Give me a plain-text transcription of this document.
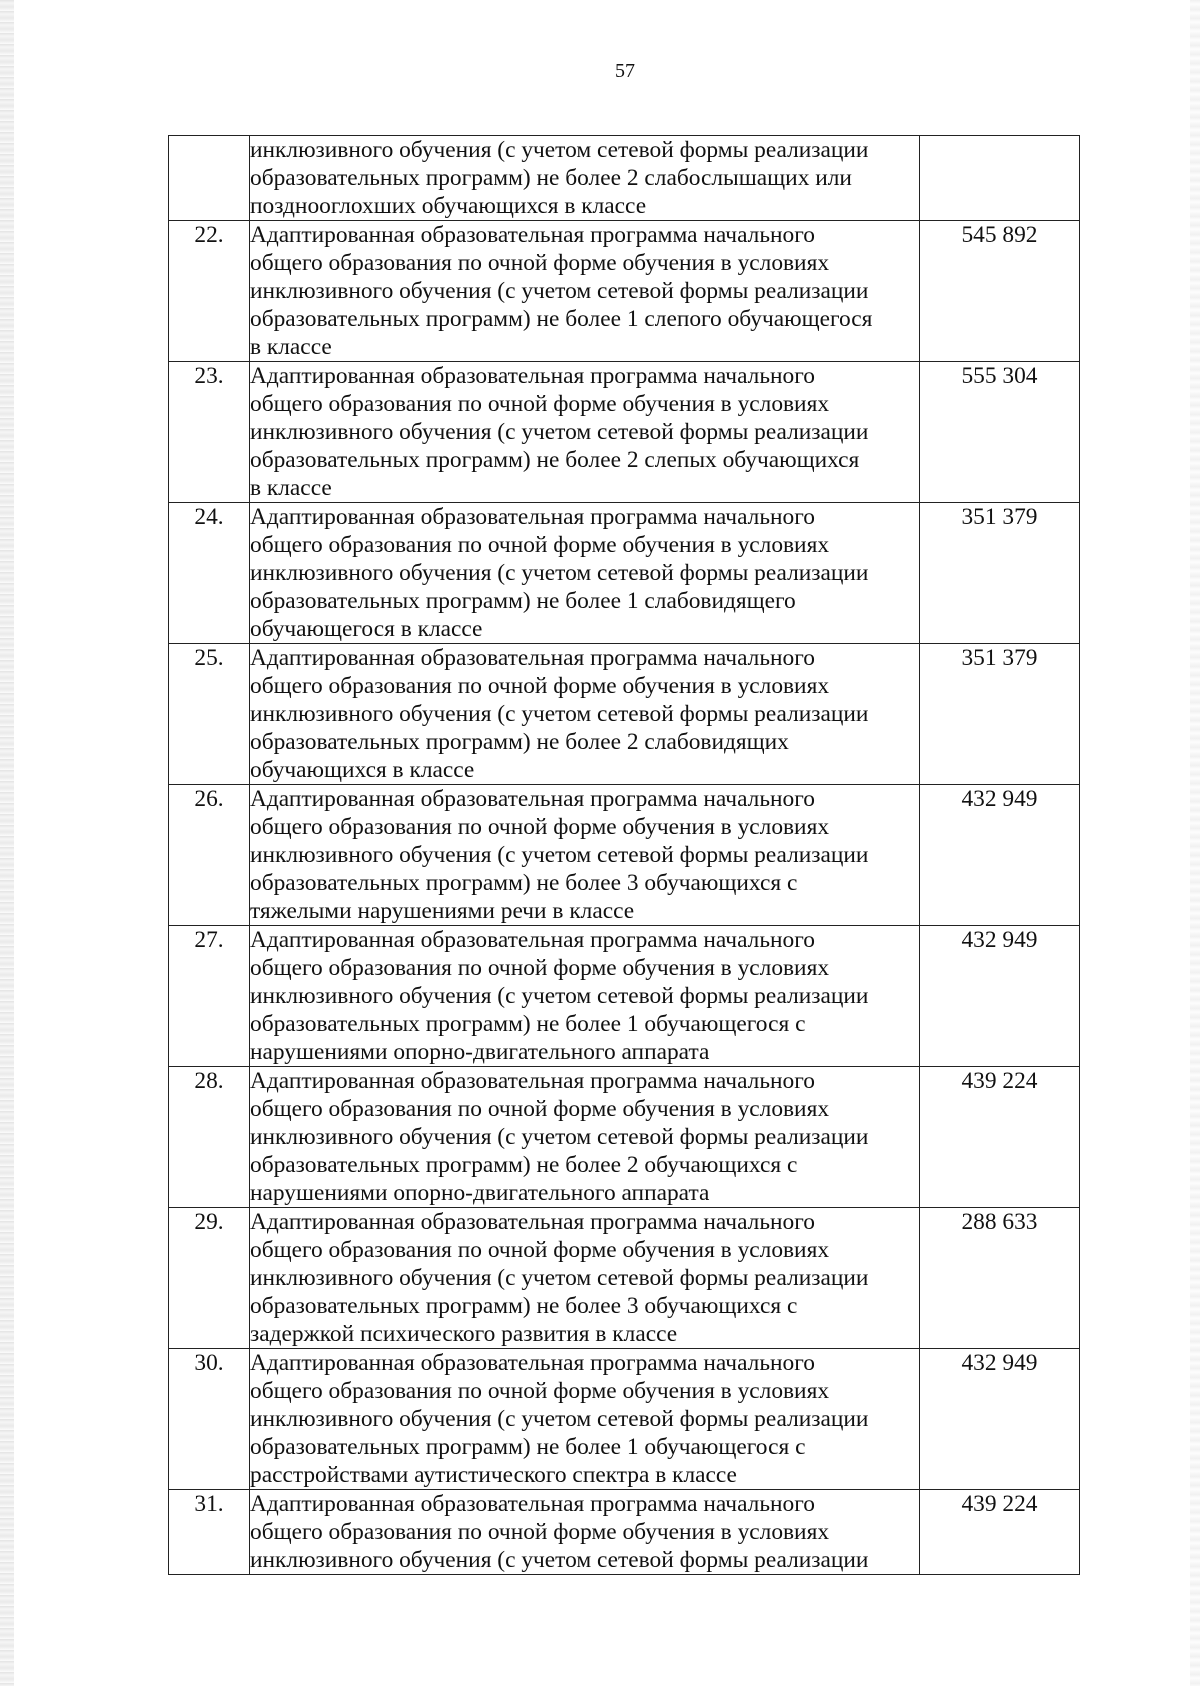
57

	инклюзивного обучения (с учетом сетевой формы реализации
образовательных программ) не более 2 слабослышащих или
позднооглохших обучающихся в классе	

22.	Адаптированная образовательная программа начального
общего образования по очной форме обучения в условиях
инклюзивного обучения (с учетом сетевой формы реализации
образовательных программ) не более 1 слепого обучающегося
в классе	545 892
23.	Адаптированная образовательная программа начального
общего образования по очной форме обучения в условиях
инклюзивного обучения (с учетом сетевой формы реализации
образовательных программ) не более 2 слепых обучающихся
в классе	555 304
24.	Адаптированная образовательная программа начального
общего образования по очной форме обучения в условиях
инклюзивного обучения (с учетом сетевой формы реализации
образовательных программ) не более 1 слабовидящего
обучающегося в классе	351 379
25.	Адаптированная образовательная программа начального
общего образования по очной форме обучения в условиях
инклюзивного обучения (с учетом сетевой формы реализации
образовательных программ) не более 2 слабовидящих
обучающихся в классе	351 379
26.	Адаптированная образовательная программа начального
общего образования по очной форме обучения в условиях
инклюзивного обучения (с учетом сетевой формы реализации
образовательных программ) не более 3 обучающихся с
тяжелыми нарушениями речи в классе	432 949
27.	Адаптированная образовательная программа начального
общего образования по очной форме обучения в условиях
инклюзивного обучения (с учетом сетевой формы реализации
образовательных программ) не более 1 обучающегося с
нарушениями опорно-двигательного аппарата	432 949
28.	Адаптированная образовательная программа начального
общего образования по очной форме обучения в условиях
инклюзивного обучения (с учетом сетевой формы реализации
образовательных программ) не более 2 обучающихся с
нарушениями опорно-двигательного аппарата	439 224
29.	Адаптированная образовательная программа начального
общего образования по очной форме обучения в условиях
инклюзивного обучения (с учетом сетевой формы реализации
образовательных программ) не более 3 обучающихся с
задержкой психического развития в классе	288 633
30.	Адаптированная образовательная программа начального
общего образования по очной форме обучения в условиях
инклюзивного обучения (с учетом сетевой формы реализации
образовательных программ) не более 1 обучающегося с
расстройствами аутистического спектра в классе	432 949
31.	Адаптированная образовательная программа начального
общего образования по очной форме обучения в условиях
инклюзивного обучения (с учетом сетевой формы реализации	439 224
